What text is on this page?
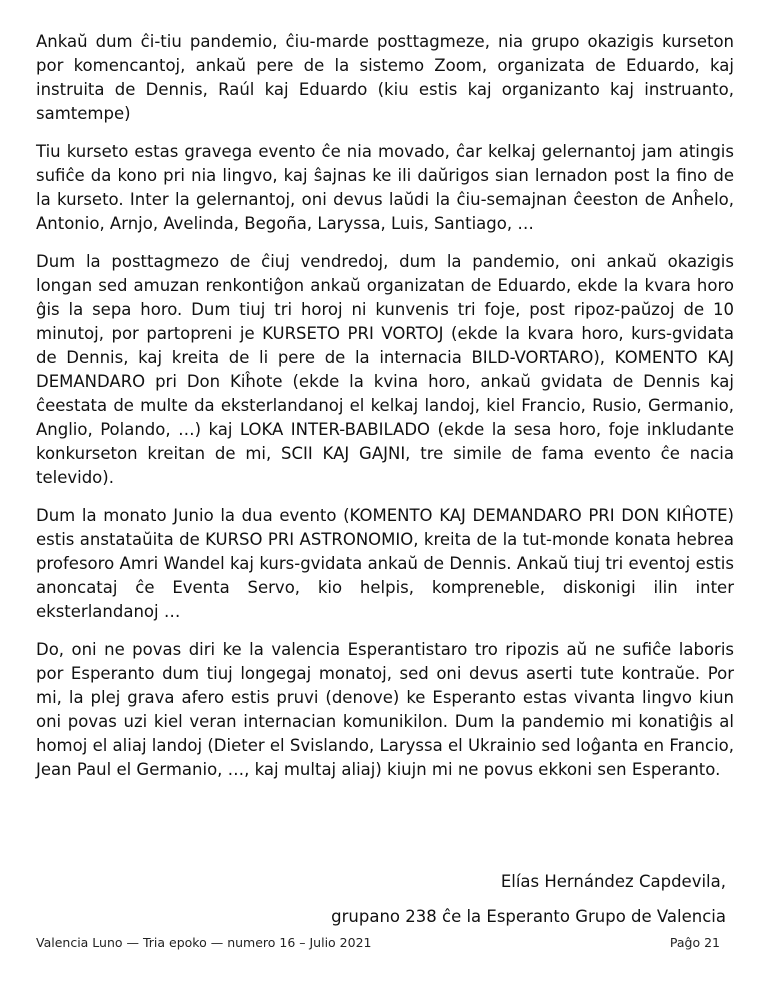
Ankaŭ dum ĉi-tiu pandemio, ĉiu-marde posttagmeze, nia grupo okazigis kurseton por komencantoj, ankaŭ pere de la sistemo Zoom, organizata de Eduardo, kaj instruita de Dennis, Raúl kaj Eduardo (kiu estis kaj organizanto kaj instruanto, samtempe)

Tiu kurseto estas gravega evento ĉe nia movado, ĉar kelkaj gelernantoj jam atingis sufiĉe da kono pri nia lingvo, kaj ŝajnas ke ili daŭrigos sian lernadon post la fino de la kurseto. Inter la gelernantoj, oni devus laŭdi la ĉiu-semajnan ĉeeston de Anĥelo, Antonio, Arnjo, Avelinda, Begoña, Laryssa, Luis, Santiago, …

Dum la posttagmezo de ĉiuj vendredoj, dum la pandemio, oni ankaŭ okazigis longan sed amuzan renkontiĝon ankaŭ organizatan de Eduardo, ekde la kvara horo ĝis la sepa horo. Dum tiuj tri horoj ni kunvenis tri foje, post ripoz-paŭzoj de 10 minutoj, por partopreni je KURSETO PRI VORTOJ (ekde la kvara horo, kurs-gvidata de Dennis, kaj kreita de li pere de la internacia BILD-VORTARO), KOMENTO KAJ DEMANDARO pri Don Kiĥote (ekde la kvina horo, ankaŭ gvidata de Dennis kaj ĉeestata de multe da eksterlandanoj el kelkaj landoj, kiel Francio, Rusio, Germanio, Anglio, Polando, …) kaj LOKA INTER-BABILADO (ekde la sesa horo, foje inkludante konkurseton kreitan de mi, SCII KAJ GAJNI, tre simile de fama evento ĉe nacia televido).

Dum la monato Junio la dua evento (KOMENTO KAJ DEMANDARO PRI DON KIĤOTE) estis anstataŭita de KURSO PRI ASTRONOMIO, kreita de la tut-monde konata hebrea profesoro Amri Wandel kaj kurs-gvidata ankaŭ de Dennis. Ankaŭ tiuj tri eventoj estis anoncataj ĉe Eventa Servo, kio helpis, kompreneble, diskonigi ilin inter eksterlandanoj …

Do, oni ne povas diri ke la valencia Esperantistaro tro ripozis aŭ ne sufiĉe laboris por Esperanto dum tiuj longegaj monatoj, sed oni devus aserti tute kontraŭe. Por mi, la plej grava afero estis pruvi (denove) ke Esperanto estas vivanta lingvo kiun oni povas uzi kiel veran internacian komunikilon. Dum la pandemio mi konatiĝis al homoj el aliaj landoj (Dieter el Svislando, Laryssa el Ukrainio sed loĝanta en Francio, Jean Paul el Germanio, …, kaj multaj aliaj) kiujn mi ne povus ekkoni sen Esperanto.

Elías Hernández Capdevila,
grupano 238 ĉe la Esperanto Grupo de Valencia
Valencia Luno — Tria epoko — numero 16 – Julio 2021	Paĝo 21
